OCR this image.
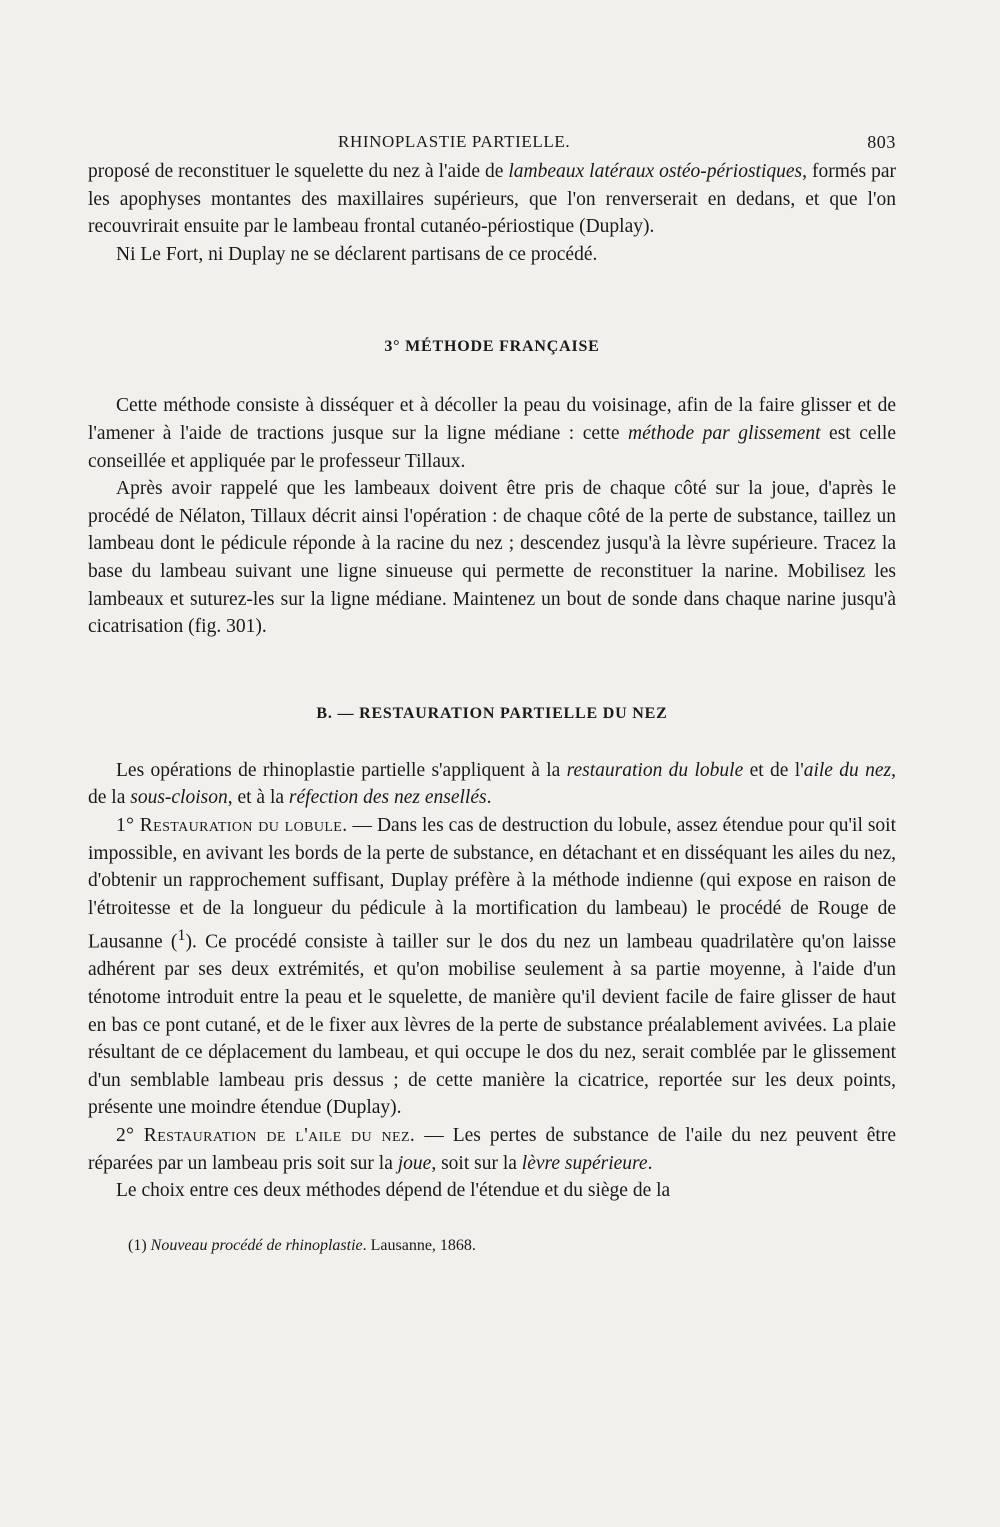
RHINOPLASTIE PARTIELLE.	803

proposé de reconstituer le squelette du nez à l'aide de lambeaux latéraux ostéo-périostiques, formés par les apophyses montantes des maxillaires supérieurs, que l'on renverserait en dedans, et que l'on recouvrirait ensuite par le lambeau frontal cutanéo-périostique (Duplay).

Ni Le Fort, ni Duplay ne se déclarent partisans de ce procédé.

3° MÉTHODE FRANÇAISE

Cette méthode consiste à disséquer et à décoller la peau du voisinage, afin de la faire glisser et de l'amener à l'aide de tractions jusque sur la ligne médiane : cette méthode par glissement est celle conseillée et appliquée par le professeur Tillaux.

Après avoir rappelé que les lambeaux doivent être pris de chaque côté sur la joue, d'après le procédé de Nélaton, Tillaux décrit ainsi l'opération : de chaque côté de la perte de substance, taillez un lambeau dont le pédicule réponde à la racine du nez ; descendez jusqu'à la lèvre supérieure. Tracez la base du lambeau suivant une ligne sinueuse qui permette de reconstituer la narine. Mobilisez les lambeaux et suturez-les sur la ligne médiane. Maintenez un bout de sonde dans chaque narine jusqu'à cicatrisation (fig. 301).

B. — RESTAURATION PARTIELLE DU NEZ

Les opérations de rhinoplastie partielle s'appliquent à la restauration du lobule et de l'aile du nez, de la sous-cloison, et à la réfection des nez ensellés.

1° Restauration du lobule. — Dans les cas de destruction du lobule, assez étendue pour qu'il soit impossible, en avivant les bords de la perte de substance, en détachant et en disséquant les ailes du nez, d'obtenir un rapprochement suffisant, Duplay préfère à la méthode indienne (qui expose en raison de l'étroitesse et de la longueur du pédicule à la mortification du lambeau) le procédé de Rouge de Lausanne ($^1$). Ce procédé consiste à tailler sur le dos du nez un lambeau quadrilatère qu'on laisse adhérent par ses deux extrémités, et qu'on mobilise seulement à sa partie moyenne, à l'aide d'un ténotome introduit entre la peau et le squelette, de manière qu'il devient facile de faire glisser de haut en bas ce pont cutané, et de le fixer aux lèvres de la perte de substance préalablement avivées. La plaie résultant de ce déplacement du lambeau, et qui occupe le dos du nez, serait comblée par le glissement d'un semblable lambeau pris dessus ; de cette manière la cicatrice, reportée sur les deux points, présente une moindre étendue (Duplay).

2° Restauration de l'aile du nez. — Les pertes de substance de l'aile du nez peuvent être réparées par un lambeau pris soit sur la joue, soit sur la lèvre supérieure.

Le choix entre ces deux méthodes dépend de l'étendue et du siège de la

(1) Nouveau procédé de rhinoplastie. Lausanne, 1868.
